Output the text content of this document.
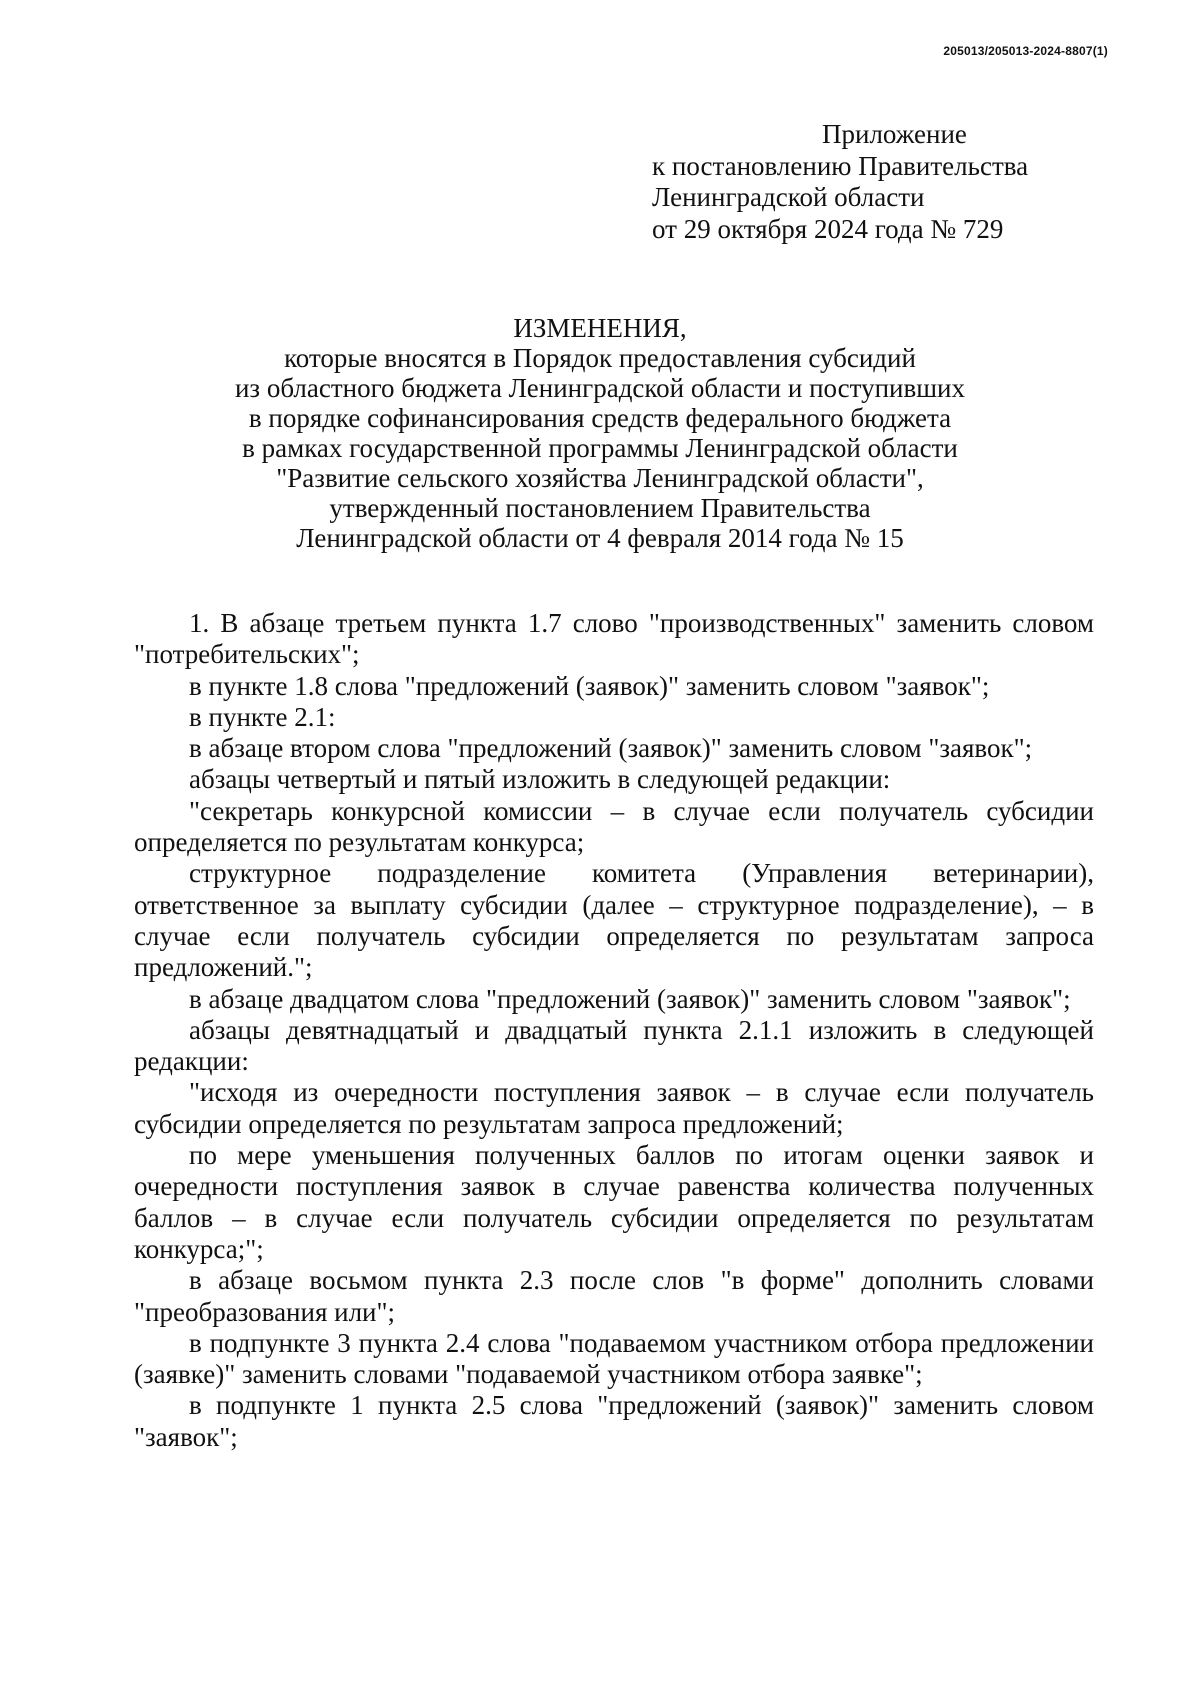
205013/205013-2024-8807(1)
Приложение
к постановлению Правительства
Ленинградской области
от 29 октября 2024 года № 729
ИЗМЕНЕНИЯ,
которые вносятся в Порядок предоставления субсидий
из областного бюджета Ленинградской области и поступивших
в порядке софинансирования средств федерального бюджета
в рамках государственной программы Ленинградской области
"Развитие сельского хозяйства Ленинградской области",
утвержденный постановлением Правительства
Ленинградской области от 4 февраля 2014 года № 15

1. В абзаце третьем пункта 1.7 слово "производственных" заменить словом "потребительских";

в пункте 1.8 слова "предложений (заявок)" заменить словом "заявок";

в пункте 2.1:

в абзаце втором слова "предложений (заявок)" заменить словом "заявок";

абзацы четвертый и пятый изложить в следующей редакции:

"секретарь конкурсной комиссии – в случае если получатель субсидии определяется по результатам конкурса;

структурное подразделение комитета (Управления ветеринарии), ответственное за выплату субсидии (далее – структурное подразделение), – в случае если получатель субсидии определяется по результатам запроса предложений.";

в абзаце двадцатом слова "предложений (заявок)" заменить словом "заявок";

абзацы девятнадцатый и двадцатый пункта 2.1.1 изложить в следующей редакции:

"исходя из очередности поступления заявок – в случае если получатель субсидии определяется по результатам запроса предложений;

по мере уменьшения полученных баллов по итогам оценки заявок и очередности поступления заявок в случае равенства количества полученных баллов – в случае если получатель субсидии определяется по результатам конкурса;";

в абзаце восьмом пункта 2.3 после слов "в форме" дополнить словами "преобразования или";

в подпункте 3 пункта 2.4 слова "подаваемом участником отбора предложении (заявке)" заменить словами "подаваемой участником отбора заявке";

в подпункте 1 пункта 2.5 слова "предложений (заявок)" заменить словом "заявок";
